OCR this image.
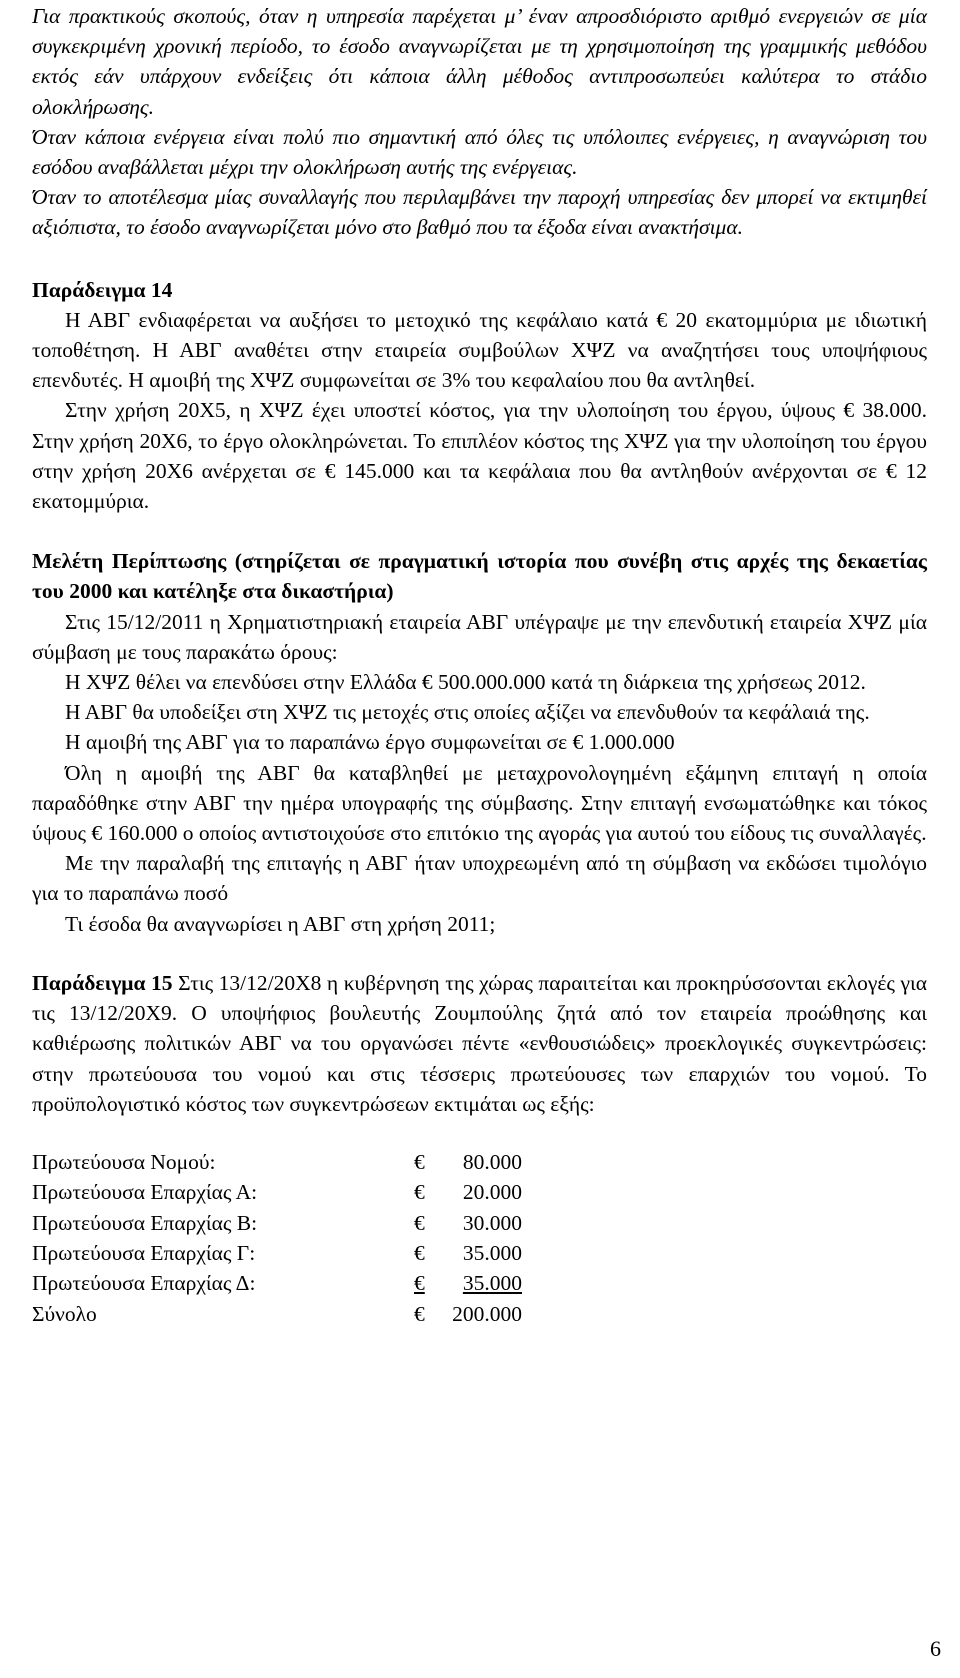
Για πρακτικούς σκοπούς, όταν η υπηρεσία παρέχεται μ’ έναν απροσδιόριστο αριθμό ενεργειών σε μία συγκεκριμένη χρονική περίοδο, το έσοδο αναγνωρίζεται με τη χρησιμοποίηση της γραμμικής μεθόδου εκτός εάν υπάρχουν ενδείξεις ότι κάποια άλλη μέθοδος αντιπροσωπεύει καλύτερα το στάδιο ολοκλήρωσης.

Όταν κάποια ενέργεια είναι πολύ πιο σημαντική από όλες τις υπόλοιπες ενέργειες, η αναγνώριση του εσόδου αναβάλλεται μέχρι την ολοκλήρωση αυτής της ενέργειας.

Όταν το αποτέλεσμα μίας συναλλαγής που περιλαμβάνει την παροχή υπηρεσίας δεν μπορεί να εκτιμηθεί αξιόπιστα, το έσοδο αναγνωρίζεται μόνο στο βαθμό που τα έξοδα είναι ανακτήσιμα.

Παράδειγμα 14

Η ΑΒΓ ενδιαφέρεται να αυξήσει το μετοχικό της κεφάλαιο κατά € 20 εκατομμύρια με ιδιωτική τοποθέτηση. Η ΑΒΓ αναθέτει στην εταιρεία συμβούλων ΧΨΖ να αναζητήσει τους υποψήφιους επενδυτές. Η αμοιβή της ΧΨΖ συμφωνείται σε 3% του κεφαλαίου που θα αντληθεί.

Στην χρήση 20Χ5, η ΧΨΖ έχει υποστεί κόστος, για την υλοποίηση του έργου, ύψους € 38.000. Στην χρήση 20Χ6, το έργο ολοκληρώνεται. Το επιπλέον κόστος της ΧΨΖ για την υλοποίηση του έργου στην χρήση 20Χ6 ανέρχεται σε € 145.000 και τα κεφάλαια που θα αντληθούν ανέρχονται σε € 12 εκατομμύρια.

Μελέτη Περίπτωσης (στηρίζεται σε πραγματική ιστορία που συνέβη στις αρχές της δεκαετίας του 2000 και κατέληξε στα δικαστήρια)

Στις 15/12/2011 η Χρηματιστηριακή εταιρεία ΑΒΓ υπέγραψε με την επενδυτική εταιρεία ΧΨΖ μία σύμβαση με τους παρακάτω όρους:

Η ΧΨΖ θέλει να επενδύσει στην Ελλάδα € 500.000.000 κατά τη διάρκεια της χρήσεως 2012.

Η ΑΒΓ θα υποδείξει στη ΧΨΖ τις μετοχές στις οποίες αξίζει να επενδυθούν τα κεφάλαιά της.

Η αμοιβή της ΑΒΓ για το παραπάνω έργο συμφωνείται σε € 1.000.000

Όλη η αμοιβή της ΑΒΓ θα καταβληθεί με μεταχρονολογημένη εξάμηνη επιταγή η οποία παραδόθηκε στην ΑΒΓ την ημέρα υπογραφής της σύμβασης. Στην επιταγή ενσωματώθηκε και τόκος ύψους € 160.000 ο οποίος αντιστοιχούσε στο επιτόκιο της αγοράς για αυτού του είδους τις συναλλαγές.

Με την παραλαβή της επιταγής η ΑΒΓ ήταν υποχρεωμένη από τη σύμβαση να εκδώσει τιμολόγιο για το παραπάνω ποσό

Τι έσοδα θα αναγνωρίσει η ΑΒΓ στη χρήση 2011;

Παράδειγμα 15 Στις 13/12/20Χ8 η κυβέρνηση της χώρας παραιτείται και προκηρύσσονται εκλογές για τις 13/12/20Χ9. Ο υποψήφιος βουλευτής Ζουμπούλης ζητά από τον εταιρεία προώθησης και καθιέρωσης πολιτικών ΑΒΓ να του οργανώσει πέντε «ενθουσιώδεις» προεκλογικές συγκεντρώσεις: στην πρωτεύουσα του νομού και στις τέσσερις πρωτεύουσες των επαρχιών του νομού. Το προϋπολογιστικό κόστος των συγκεντρώσεων εκτιμάται ως εξής:

Πρωτεύουσα Νομού:	€	80.000
Πρωτεύουσα Επαρχίας Α:	€	20.000
Πρωτεύουσα Επαρχίας Β:	€	30.000
Πρωτεύουσα Επαρχίας Γ:	€	35.000
Πρωτεύουσα Επαρχίας Δ:	€	35.000
Σύνολο	€	200.000
6
